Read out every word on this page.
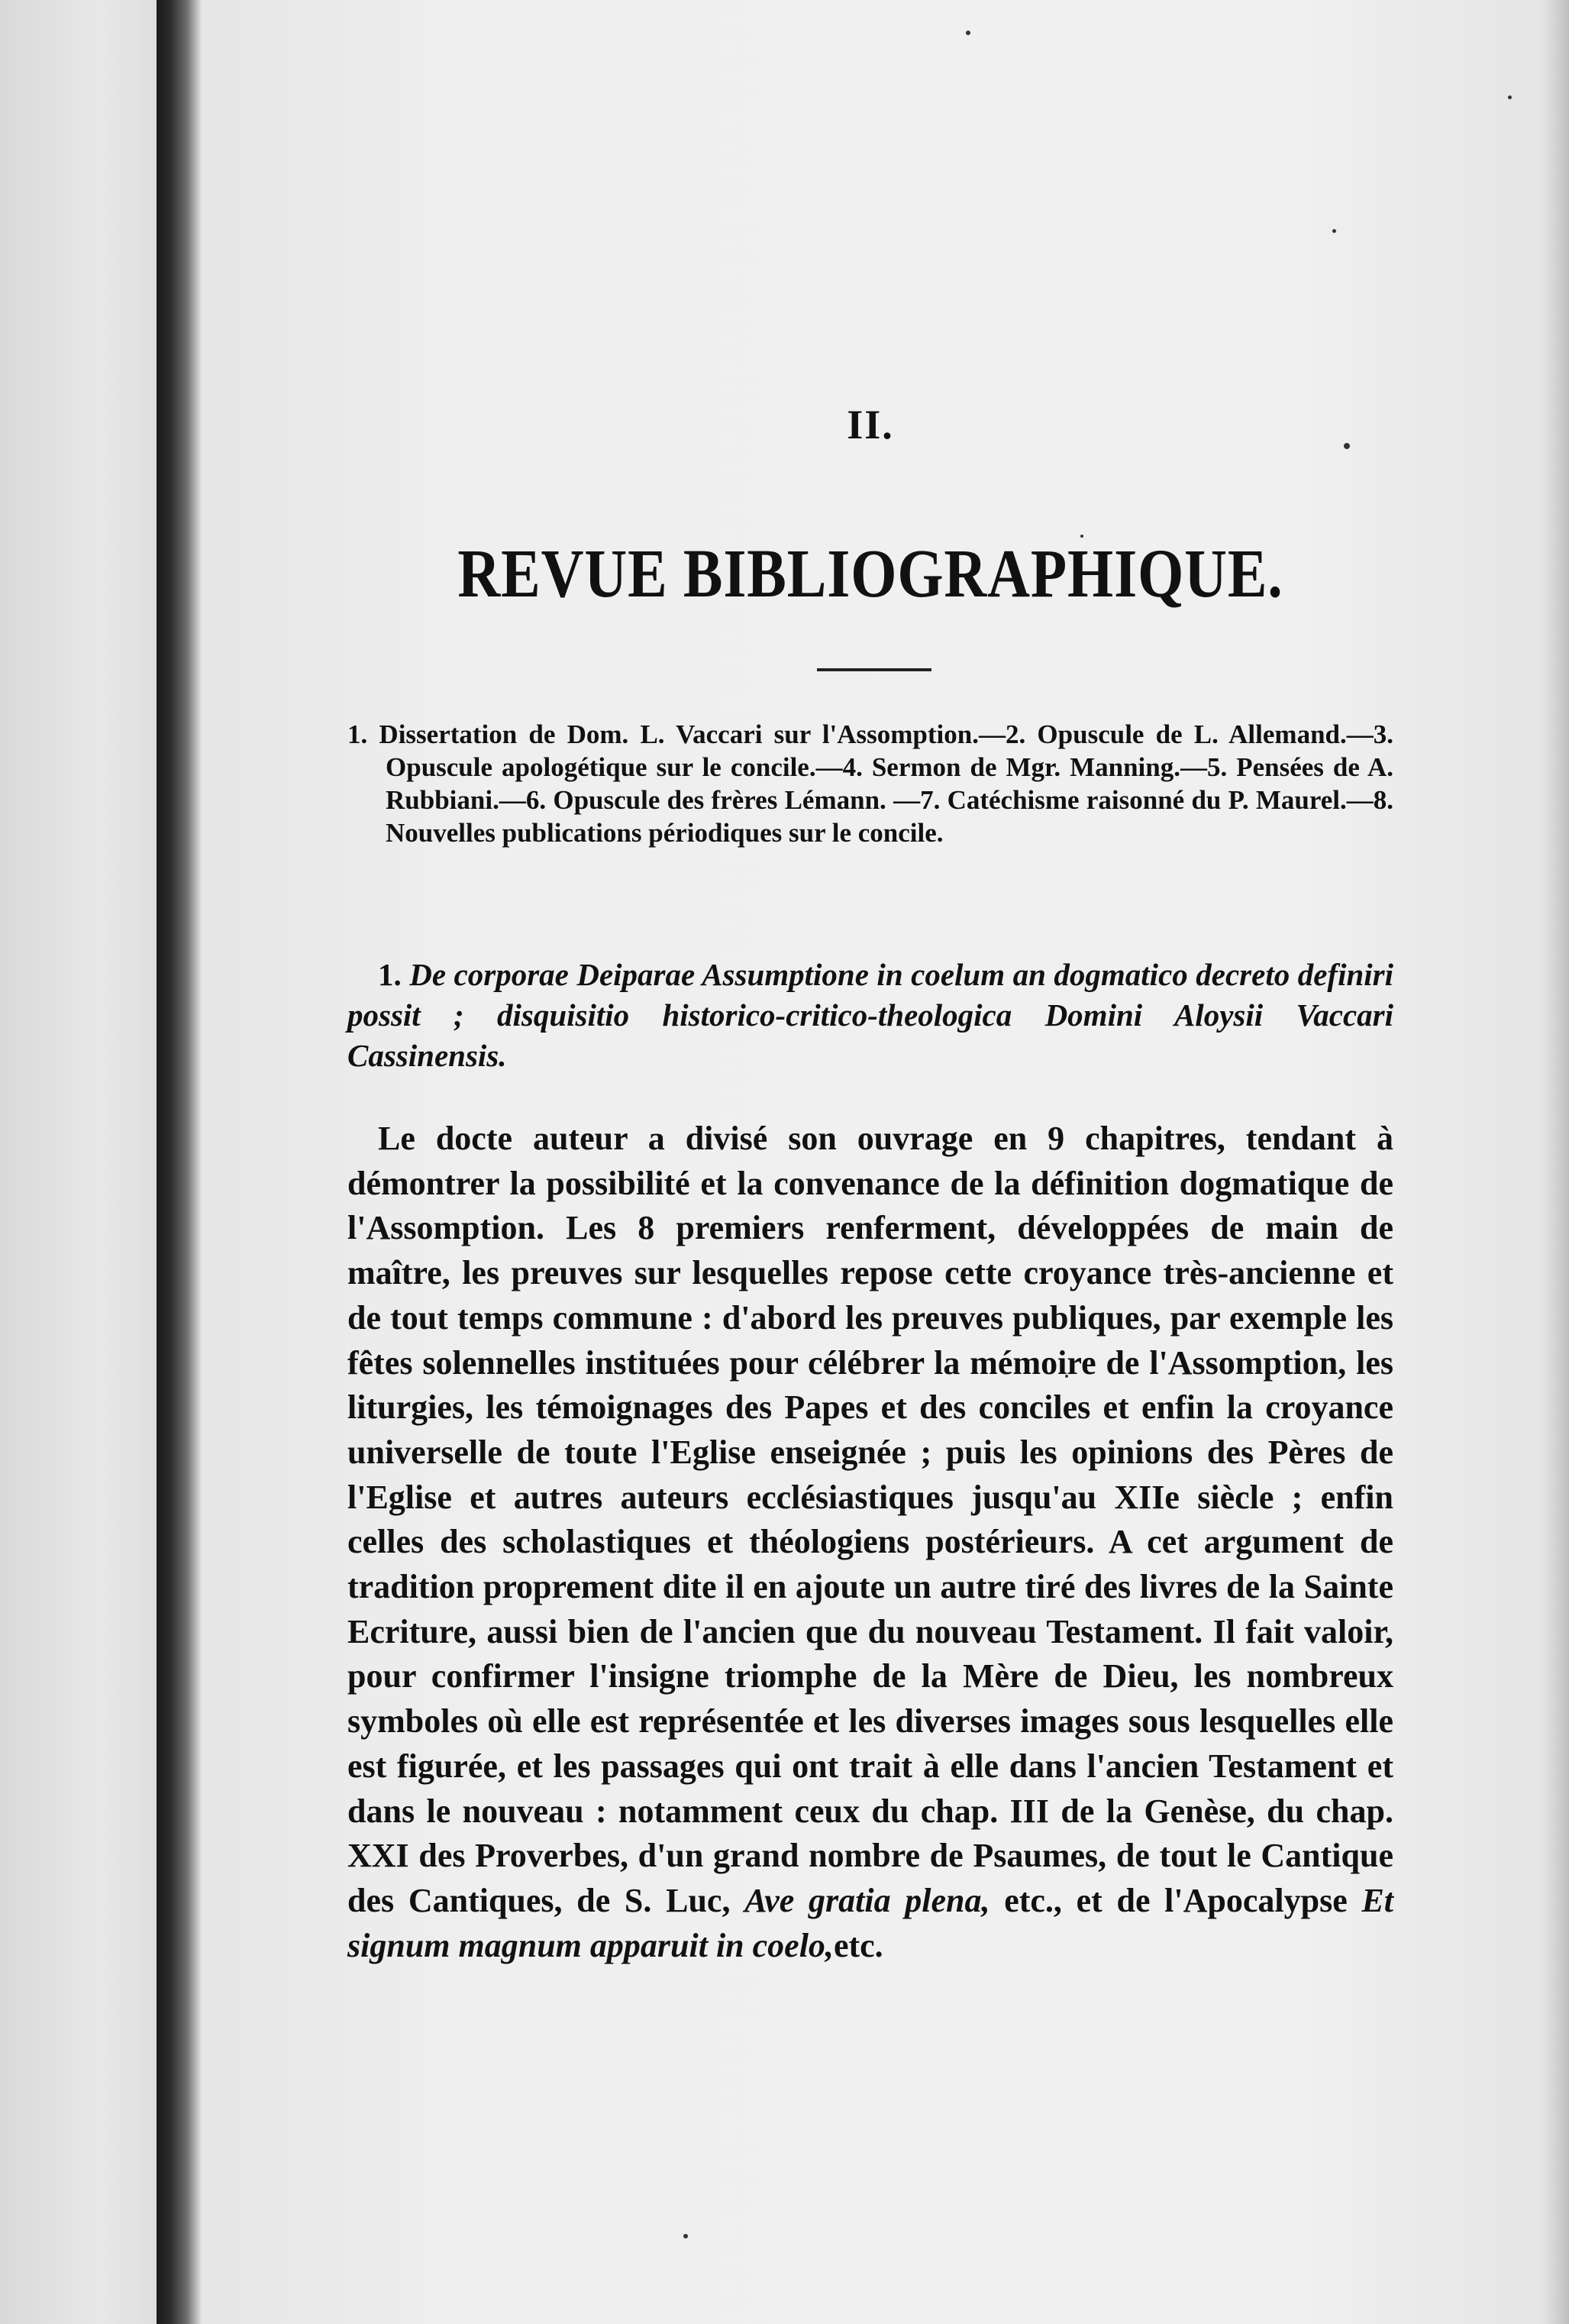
II.
REVUE BIBLIOGRAPHIQUE.
1. Dissertation de Dom. L. Vaccari sur l'Assomption.—2. Opuscule de L. Allemand.—3. Opuscule apologétique sur le concile.—4. Sermon de Mgr. Manning.—5. Pensées de A. Rubbiani.—6. Opuscule des frères Lémann. —7. Catéchisme raisonné du P. Maurel.—8. Nouvelles publications périodiques sur le concile.
1. De corporae Deiparae Assumptione in coelum an dogmatico decreto definiri possit ; disquisitio historico-critico-theologica Domini Aloysii Vaccari Cassinensis.

Le docte auteur a divisé son ouvrage en 9 chapitres, tendant à démontrer la possibilité et la convenance de la définition dogmatique de l'Assomption. Les 8 premiers renferment, développées de main de maître, les preuves sur lesquelles repose cette croyance très-ancienne et de tout temps commune : d'abord les preuves publiques, par exemple les fêtes solennelles instituées pour célébrer la mémoire de l'Assomption, les liturgies, les témoignages des Papes et des conciles et enfin la croyance universelle de toute l'Eglise enseignée ; puis les opinions des Pères de l'Eglise et autres auteurs ecclésiastiques jusqu'au XIIe siècle ; enfin celles des scholastiques et théologiens postérieurs. A cet argument de tradition proprement dite il en ajoute un autre tiré des livres de la Sainte Ecriture, aussi bien de l'ancien que du nouveau Testament. Il fait valoir, pour confirmer l'insigne triomphe de la Mère de Dieu, les nombreux symboles où elle est représentée et les diverses images sous lesquelles elle est figurée, et les passages qui ont trait à elle dans l'ancien Testament et dans le nouveau : notamment ceux du chap. III de la Genèse, du chap. XXI des Proverbes, d'un grand nombre de Psaumes, de tout le Cantique des Cantiques, de S. Luc, Ave gratia plena, etc., et de l'Apocalypse Et signum magnum apparuit in coelo,etc.
